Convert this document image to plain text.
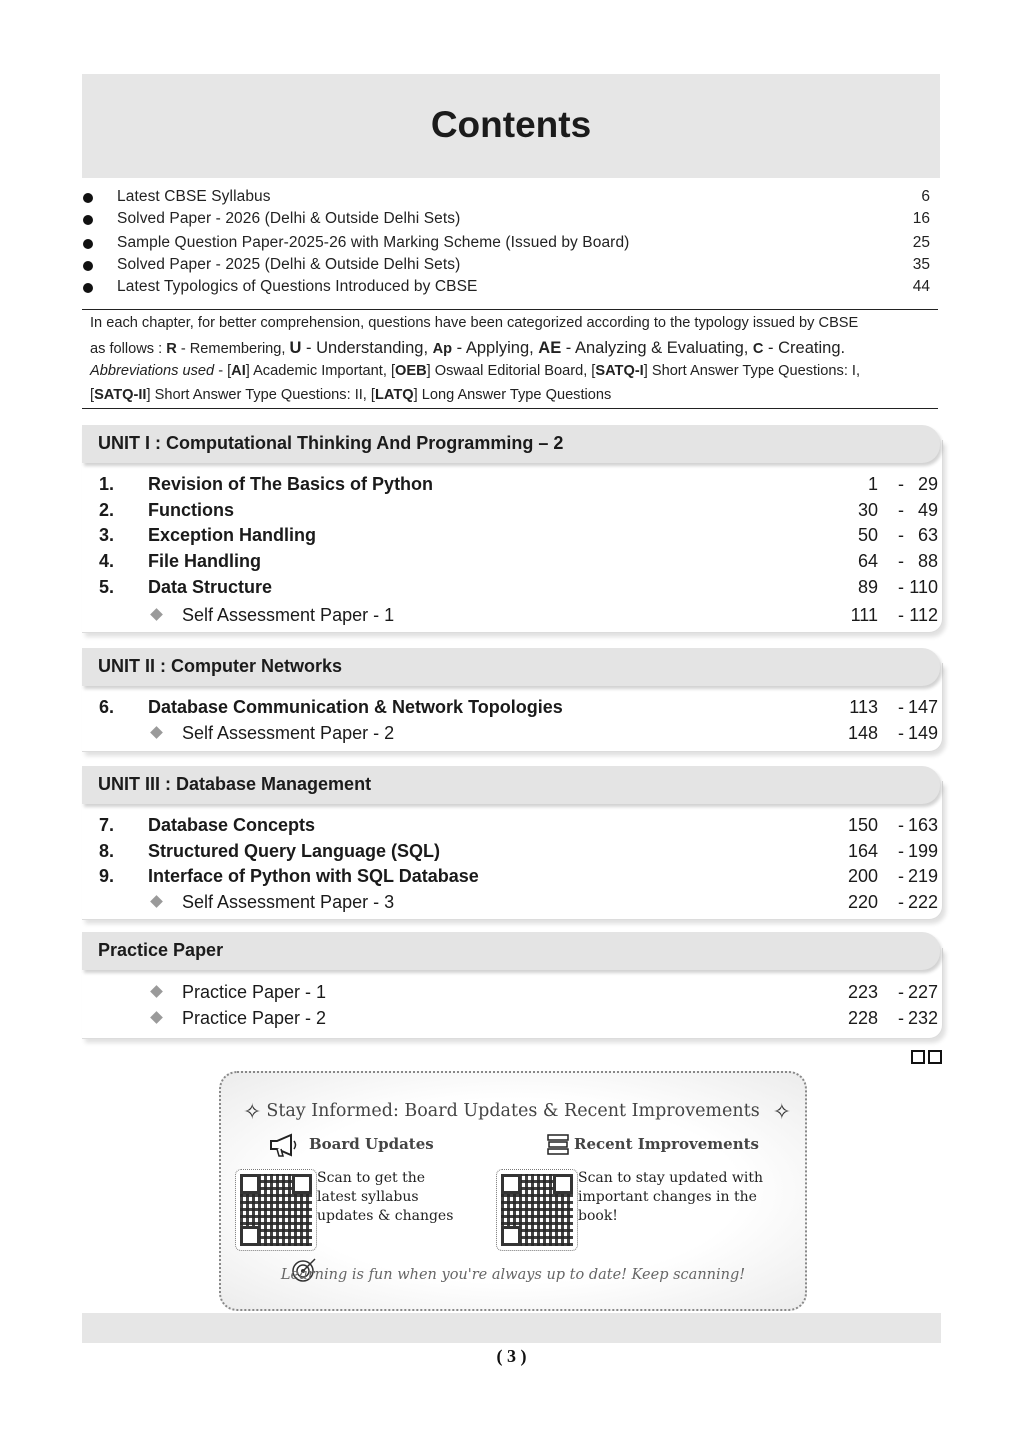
Contents
Latest CBSE Syllabus	6
Solved Paper - 2026 (Delhi & Outside Delhi Sets)	16
Sample Question Paper-2025-26 with Marking Scheme (Issued by Board)	25
Solved Paper - 2025 (Delhi & Outside Delhi Sets)	35
Latest Typologics of Questions Introduced by CBSE	44
In each chapter, for better comprehension, questions have been categorized according to the typology issued by CBSE
as follows : R - Remembering, U - Understanding, Ap - Applying, AE - Analyzing & Evaluating, C - Creating.
Abbreviations used - [AI] Academic Important, [OEB] Oswaal Editorial Board, [SATQ-I] Short Answer Type Questions: I,
[SATQ-II] Short Answer Type Questions: II, [LATQ] Long Answer Type Questions
1. Revision of The Basics of Python	1 - 29
2. Functions	30 - 49
3. Exception Handling	50 - 63
4. File Handling	64 - 88
5. Data Structure	89 - 110
Self Assessment Paper - 1	111 - 112
UNIT I : Computational Thinking And Programming – 2
6. Database Communication & Network Topologies	113 - 147
Self Assessment Paper - 2	148 - 149
UNIT II : Computer Networks
7. Database Concepts	150 - 163
8. Structured Query Language (SQL)	164 - 199
9. Interface of Python with SQL Database	200 - 219
Self Assessment Paper - 3	220 - 222
UNIT III : Database Management
Practice Paper - 1	223 - 227
Practice Paper - 2	228 - 232
Practice Paper
✧ Stay Informed: Board Updates & Recent Improvements ✧
Board Updates	Recent Improvements
Scan to get the latest syllabus updates & changes
Scan to stay updated with important changes in the book!
Learning is fun when you're always up to date! Keep scanning!
( 3 )
